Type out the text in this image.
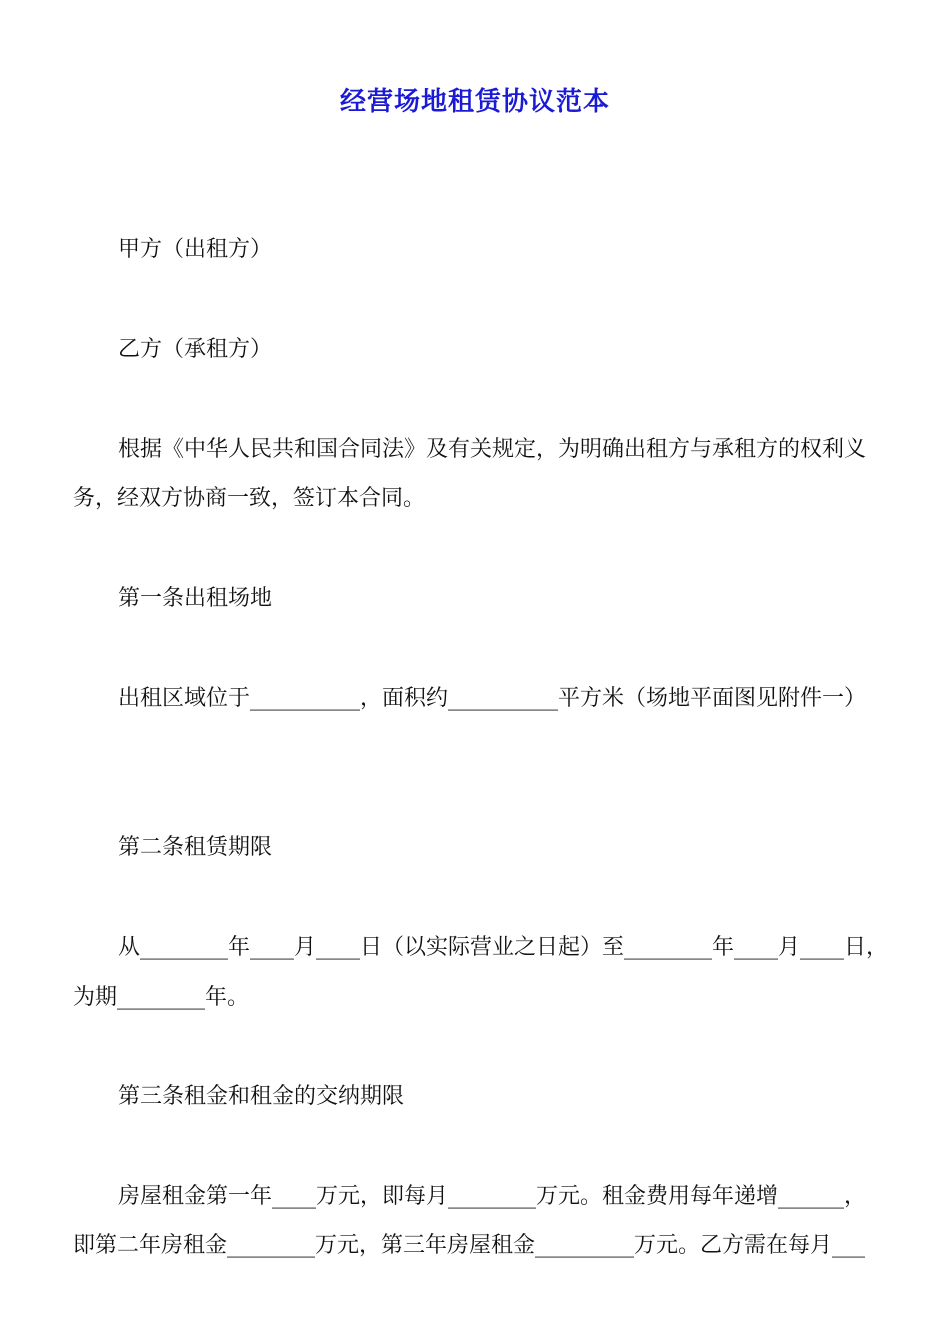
经营场地租赁协议范本
甲方（出租方）
乙方（承租方）
根据《中华人民共和国合同法》及有关规定，为明确出租方与承租方的权利义
务，经双方协商一致，签订本合同。
第一条出租场地
出租区域位于__________，面积约__________平方米（场地平面图见附件一）
第二条租赁期限
从________年____月____日（以实际营业之日起）至________年____月____日，
为期________年。
第三条租金和租金的交纳期限
房屋租金第一年____万元，即每月________万元。租金费用每年递增______，
即第二年房租金________万元，第三年房屋租金_________万元。乙方需在每月___
